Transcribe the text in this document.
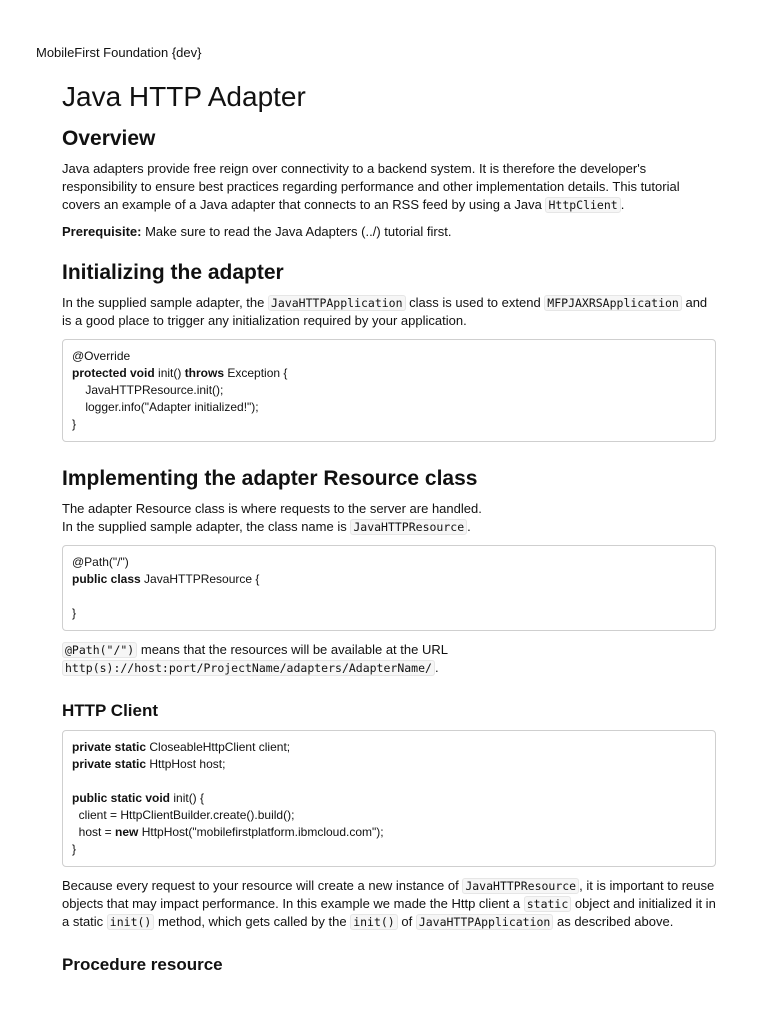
MobileFirst Foundation {dev}
Java HTTP Adapter
Overview

Java adapters provide free reign over connectivity to a backend system. It is therefore the developer's responsibility to ensure best practices regarding performance and other implementation details. This tutorial covers an example of a Java adapter that connects to an RSS feed by using a Java HttpClient .

Prerequisite: Make sure to read the Java Adapters (../) tutorial first.

Initializing the adapter

In the supplied sample adapter, the JavaHTTPApplication class is used to extend MFPJAXRSApplication and is a good place to trigger any initialization required by your application.

@Override
protected void init() throws Exception {
JavaHTTPResource.init();
logger.info("Adapter initialized!");
}
Implementing the adapter Resource class

The adapter Resource class is where requests to the server are handled.

In the supplied sample adapter, the class name is JavaHTTPResource .

@Path("/")
public class JavaHTTPResource {

}

@Path("/") means that the resources will be available at the URL http(s)://host:port/ProjectName/adapters/AdapterName/ .

HTTP Client
private static CloseableHttpClient client;
private static HttpHost host;

public static void init() {
client = HttpClientBuilder.create().build();
host = new HttpHost("mobilefirstplatform.ibmcloud.com");
}

Because every request to your resource will create a new instance of JavaHTTPResource , it is important to reuse objects that may impact performance. In this example we made the Http client a static object and initialized it in a static init() method, which gets called by the init() of JavaHTTPApplication as described above.

Procedure resource
